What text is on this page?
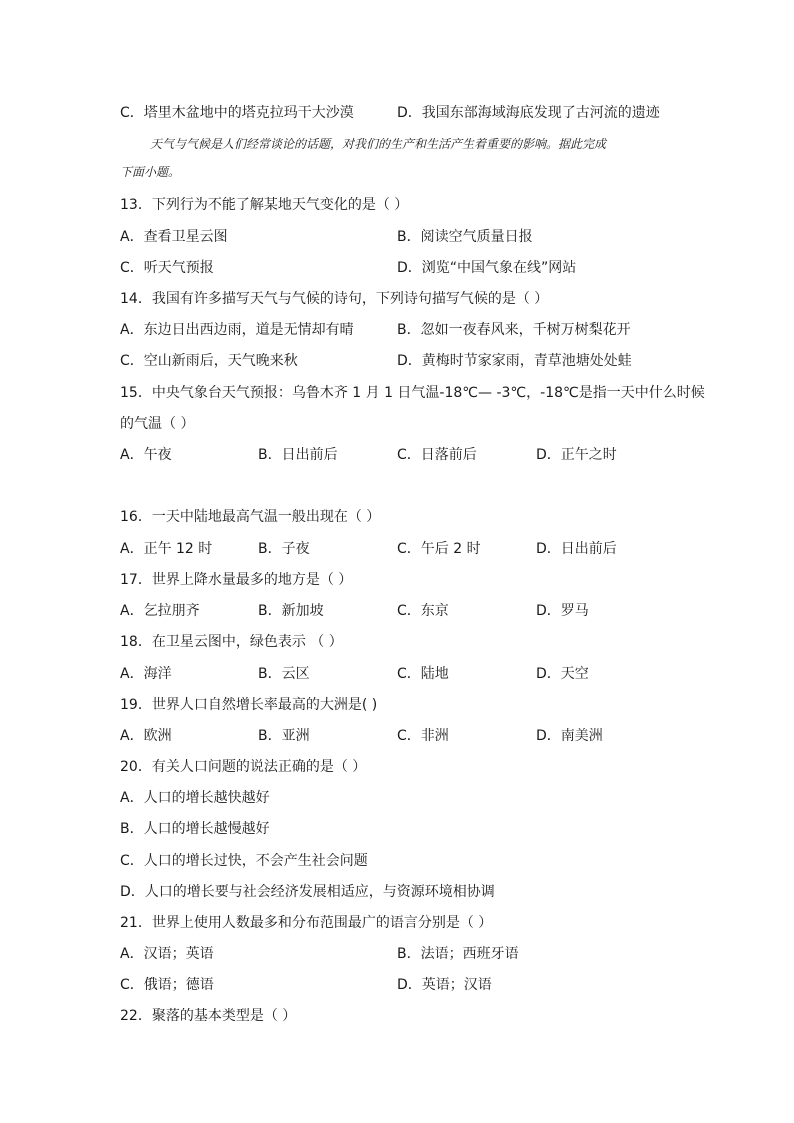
C．塔里木盆地中的塔克拉玛干大沙漠	D．我国东部海域海底发现了古河流的遗迹
天气与气候是人们经常谈论的话题，对我们的生产和生活产生着重要的影响。据此完成
下面小题。
13．下列行为不能了解某地天气变化的是（ ）
A．查看卫星云图	B．阅读空气质量日报
C．听天气预报	D．浏览“中国气象在线”网站
14．我国有许多描写天气与气候的诗句，下列诗句描写气候的是（ ）
A．东边日出西边雨，道是无情却有晴	B．忽如一夜春风来，千树万树梨花开
C．空山新雨后，天气晚来秋	D．黄梅时节家家雨，青草池塘处处蛙
15．中央气象台天气预报：乌鲁木齐 1 月 1 日气温-18℃— -3℃，-18℃是指一天中什么时候
的气温（ ）
A．午夜	B．日出前后	C．日落前后	D．正午之时
16．一天中陆地最高气温一般出现在（ ）
A．正午 12 时	B．子夜	C．午后 2 时	D．日出前后
17．世界上降水量最多的地方是（ ）
A．乞拉朋齐	B．新加坡	C．东京	D．罗马
18．在卫星云图中，绿色表示 （ ）
A．海洋	B．云区	C．陆地	D．天空
19．世界人口自然增长率最高的大洲是( )
A．欧洲	B．亚洲	C．非洲	D．南美洲
20．有关人口问题的说法正确的是（ ）
A．人口的增长越快越好
B．人口的增长越慢越好
C．人口的增长过快，不会产生社会问题
D．人口的增长要与社会经济发展相适应，与资源环境相协调
21．世界上使用人数最多和分布范围最广的语言分别是（ ）
A．汉语；英语	B．法语；西班牙语
C．俄语；德语	D．英语；汉语
22．聚落的基本类型是（ ）
